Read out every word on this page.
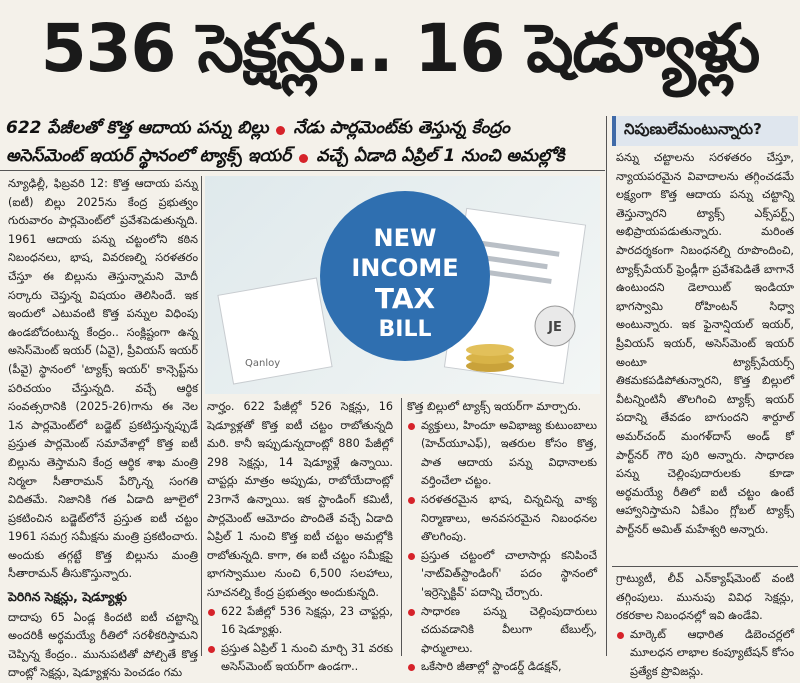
536 సెక్షన్లు.. 16 షెడ్యూళ్లు
622 పేజీలతో కొత్త ఆదాయ పన్ను బిల్లు నేడు పార్లమెంట్‌కు తెస్తున్న కేంద్రం
అసెస్‌మెంట్ ఇయర్ స్థానంలో ట్యాక్స్ ఇయర్ వచ్చే ఏడాది ఏప్రిల్ 1 నుంచి అమల్లోకి
Qanloy
NEW
INCOME
TAX
BILL	JE

న్యూఢిల్లీ, ఫిబ్రవరి 12: కొత్త ఆదాయ పన్ను (ఐటీ) బిల్లు 2025ను కేంద్ర ప్రభుత్వం గురువారం పార్లమెంట్‌లో ప్రవేశపెడుతున్నది. 1961 ఆదాయ పన్ను చట్టంలోని కఠిన నిబంధనలు, భాష, వివరణల్ని సరళతరం చేస్తూ ఈ బిల్లును తెస్తున్నామని మోదీ సర్కారు చెప్తున్న విషయం తెలిసిందే. ఇక ఇందులో ఎటువంటి కొత్త పన్నుల విధింపు ఉండబోదంటున్న కేంద్రం.. సంక్లిష్టంగా ఉన్న అసెస్‌మెంట్ ఇయర్ (ఏవై), ప్రీవియస్ ఇయర్ (పీవై) స్థానంలో 'ట్యాక్స్ ఇయర్' కాన్సెప్ట్‌ను పరిచయం చేస్తున్నది. వచ్చే ఆర్థిక సంవత్సరానికి (2025-26)గాను ఈ నెల 1న పార్లమెంట్‌లో బడ్జెట్ ప్రకటిస్తున్నప్పుడే ప్రస్తుత పార్లమెంట్ సమావేశాల్లో కొత్త ఐటీ బిల్లును తెస్తామని కేంద్ర ఆర్థిక శాఖ మంత్రి నిర్మలా సీతారామన్ పేర్కొన్న సంగతి విదితమే. నిజానికి గత ఏడాది జూలైలో ప్రకటించిన బడ్జెట్‌లోనే ప్రస్తుత ఐటీ చట్టం 1961 సమగ్ర సమీక్షను మంత్రి ప్రకటించారు. అందుకు తగ్గట్టే కొత్త బిల్లును మంత్రి సీతారామన్ తీసుకొస్తున్నారు.

పెరిగిన సెక్షన్లు, షెడ్యూళ్లు

దాదాపు 65 ఏండ్ల కిందటి ఐటీ చట్టాన్ని అందరికీ అర్థమయ్యే రీతిలో సరళీకరిస్తామని చెప్పిన్న కేంద్రం.. మునుపటితో పోల్చితే కొత్త దాంట్లో సెక్షన్లు, షెడ్యూళ్లను పెంచడం గమ

నార్హం. 622 పేజీల్లో 526 సెక్షన్లు, 16 షెడ్యూళ్లతో కొత్త ఐటీ చట్టం రాబోతున్నది మరి. కానీ ఇప్పుడున్నదాంట్లో 880 పేజీల్లో 298 సెక్షన్లు, 14 షెడ్యూళ్లే ఉన్నాయి. చాప్టర్లు మాత్రం అప్పుడు, రాబోయేదాంట్లో 23గానే ఉన్నాయి. ఇక స్టాండింగ్ కమిటీ, పార్లమెంట్ ఆమోదం పొందితే వచ్చే ఏడాది ఏప్రిల్ 1 నుంచి కొత్త ఐటీ చట్టం అమల్లోకి రాబోతున్నది. కాగా, ఈ ఐటీ చట్టం సమీక్షపై భాగస్వాముల నుంచి 6,500 సలహాలు, సూచనల్ని కేంద్ర ప్రభుత్వం అందుకున్నది.

622 పేజీల్లో 536 సెక్షన్లు, 23 చాప్టర్లు, 16 షెడ్యూళ్లు.
ప్రస్తుత ఏప్రిల్ 1 నుంచి మార్చి 31 వరకు అసెస్‌మెంట్ ఇయర్‌గా ఉండగా..

కొత్త బిల్లులో ట్యాక్స్ ఇయర్‌గా మార్చారు.

వ్యక్తులు, హిందూ అవిభాజ్య కుటుంబాలు (హెచ్‌యూఎఫ్), ఇతరుల కోసం కొత్త, పాత ఆదాయ పన్ను విధానాలకు వర్తించేలా చట్టం.
సరళతరమైన భాష, చిన్నచిన్న వాక్య నిర్మాణాలు, అనవసరమైన నిబంధనల తొలగింపు.
ప్రస్తుత చట్టంలో చాలాసార్లు కనిపించే 'నాట్‌విత్‌స్టాండింగ్' పదం స్థానంలో 'ఇర్రెస్పెక్టివ్' పదాన్ని చేర్చారు.
సాధారణ పన్ను చెల్లింపుదారులు చదువడానికి వీలుగా టేబుల్స్, ఫార్ములాలు.
ఒకేసారి జీతాల్లో స్టాండర్డ్ డిడక్షన్,
నిపుణులేమంటున్నారు?

పన్ను చట్టాలను సరళతరం చేస్తూ, న్యాయపరమైన వివాదాలను తగ్గించడమే లక్ష్యంగా కొత్త ఆదాయ పన్ను చట్టాన్ని తెస్తున్నారని ట్యాక్స్ ఎక్స్‌పర్ట్స్ అభిప్రాయపడుతున్నారు. మరింత పారదర్శకంగా నిబంధనల్ని రూపొందించి, ట్యాక్స్‌పేయర్ ఫ్రెండ్లీగా ప్రవేశపెడితే బాగానే ఉంటుందని డెలాయిట్ ఇండియా భాగస్వామి రోహింటన్ సిధ్వా అంటున్నారు. ఇక ఫైనాన్షియల్ ఇయర్, ప్రీవియస్ ఇయర్, అసెస్‌మెంట్ ఇయర్ అంటూ ట్యాక్స్‌పేయర్స్‌ తికమకపడిపోతున్నారని, కొత్త బిల్లులో వీటన్నింటినీ తొలగించి ట్యాక్స్ ఇయర్ పదాన్ని తేవడం బాగుందని శార్దూల్ అమర్‌చంద్ మంగళ్‌దాస్ అండ్ కో పార్ట్‌నర్ గౌరి పురి అన్నారు. సాధారణ పన్ను చెల్లింపుదారులకు కూడా అర్థమయ్యే రీతిలో ఐటీ చట్టం ఉంటే ఆహ్వానిస్తామని ఏకేఎం గ్లోబల్ ట్యాక్స్ పార్ట్‌నర్ అమిత్ మహేశ్వరి అన్నారు.

గ్రాట్యుటీ, లీవ్ ఎన్‌క్యాష్‌మెంట్ వంటి తగ్గింపులు. మునుపు వివిధ సెక్షన్లు, రకరకాల నిబంధనల్లో ఇవి ఉండేవి.

మార్కెట్ ఆధారిత డిబెంచర్లలో మూలధన లాభాల కంప్యూటేషన్ కోసం ప్రత్యేక ప్రొవిజన్లు.
